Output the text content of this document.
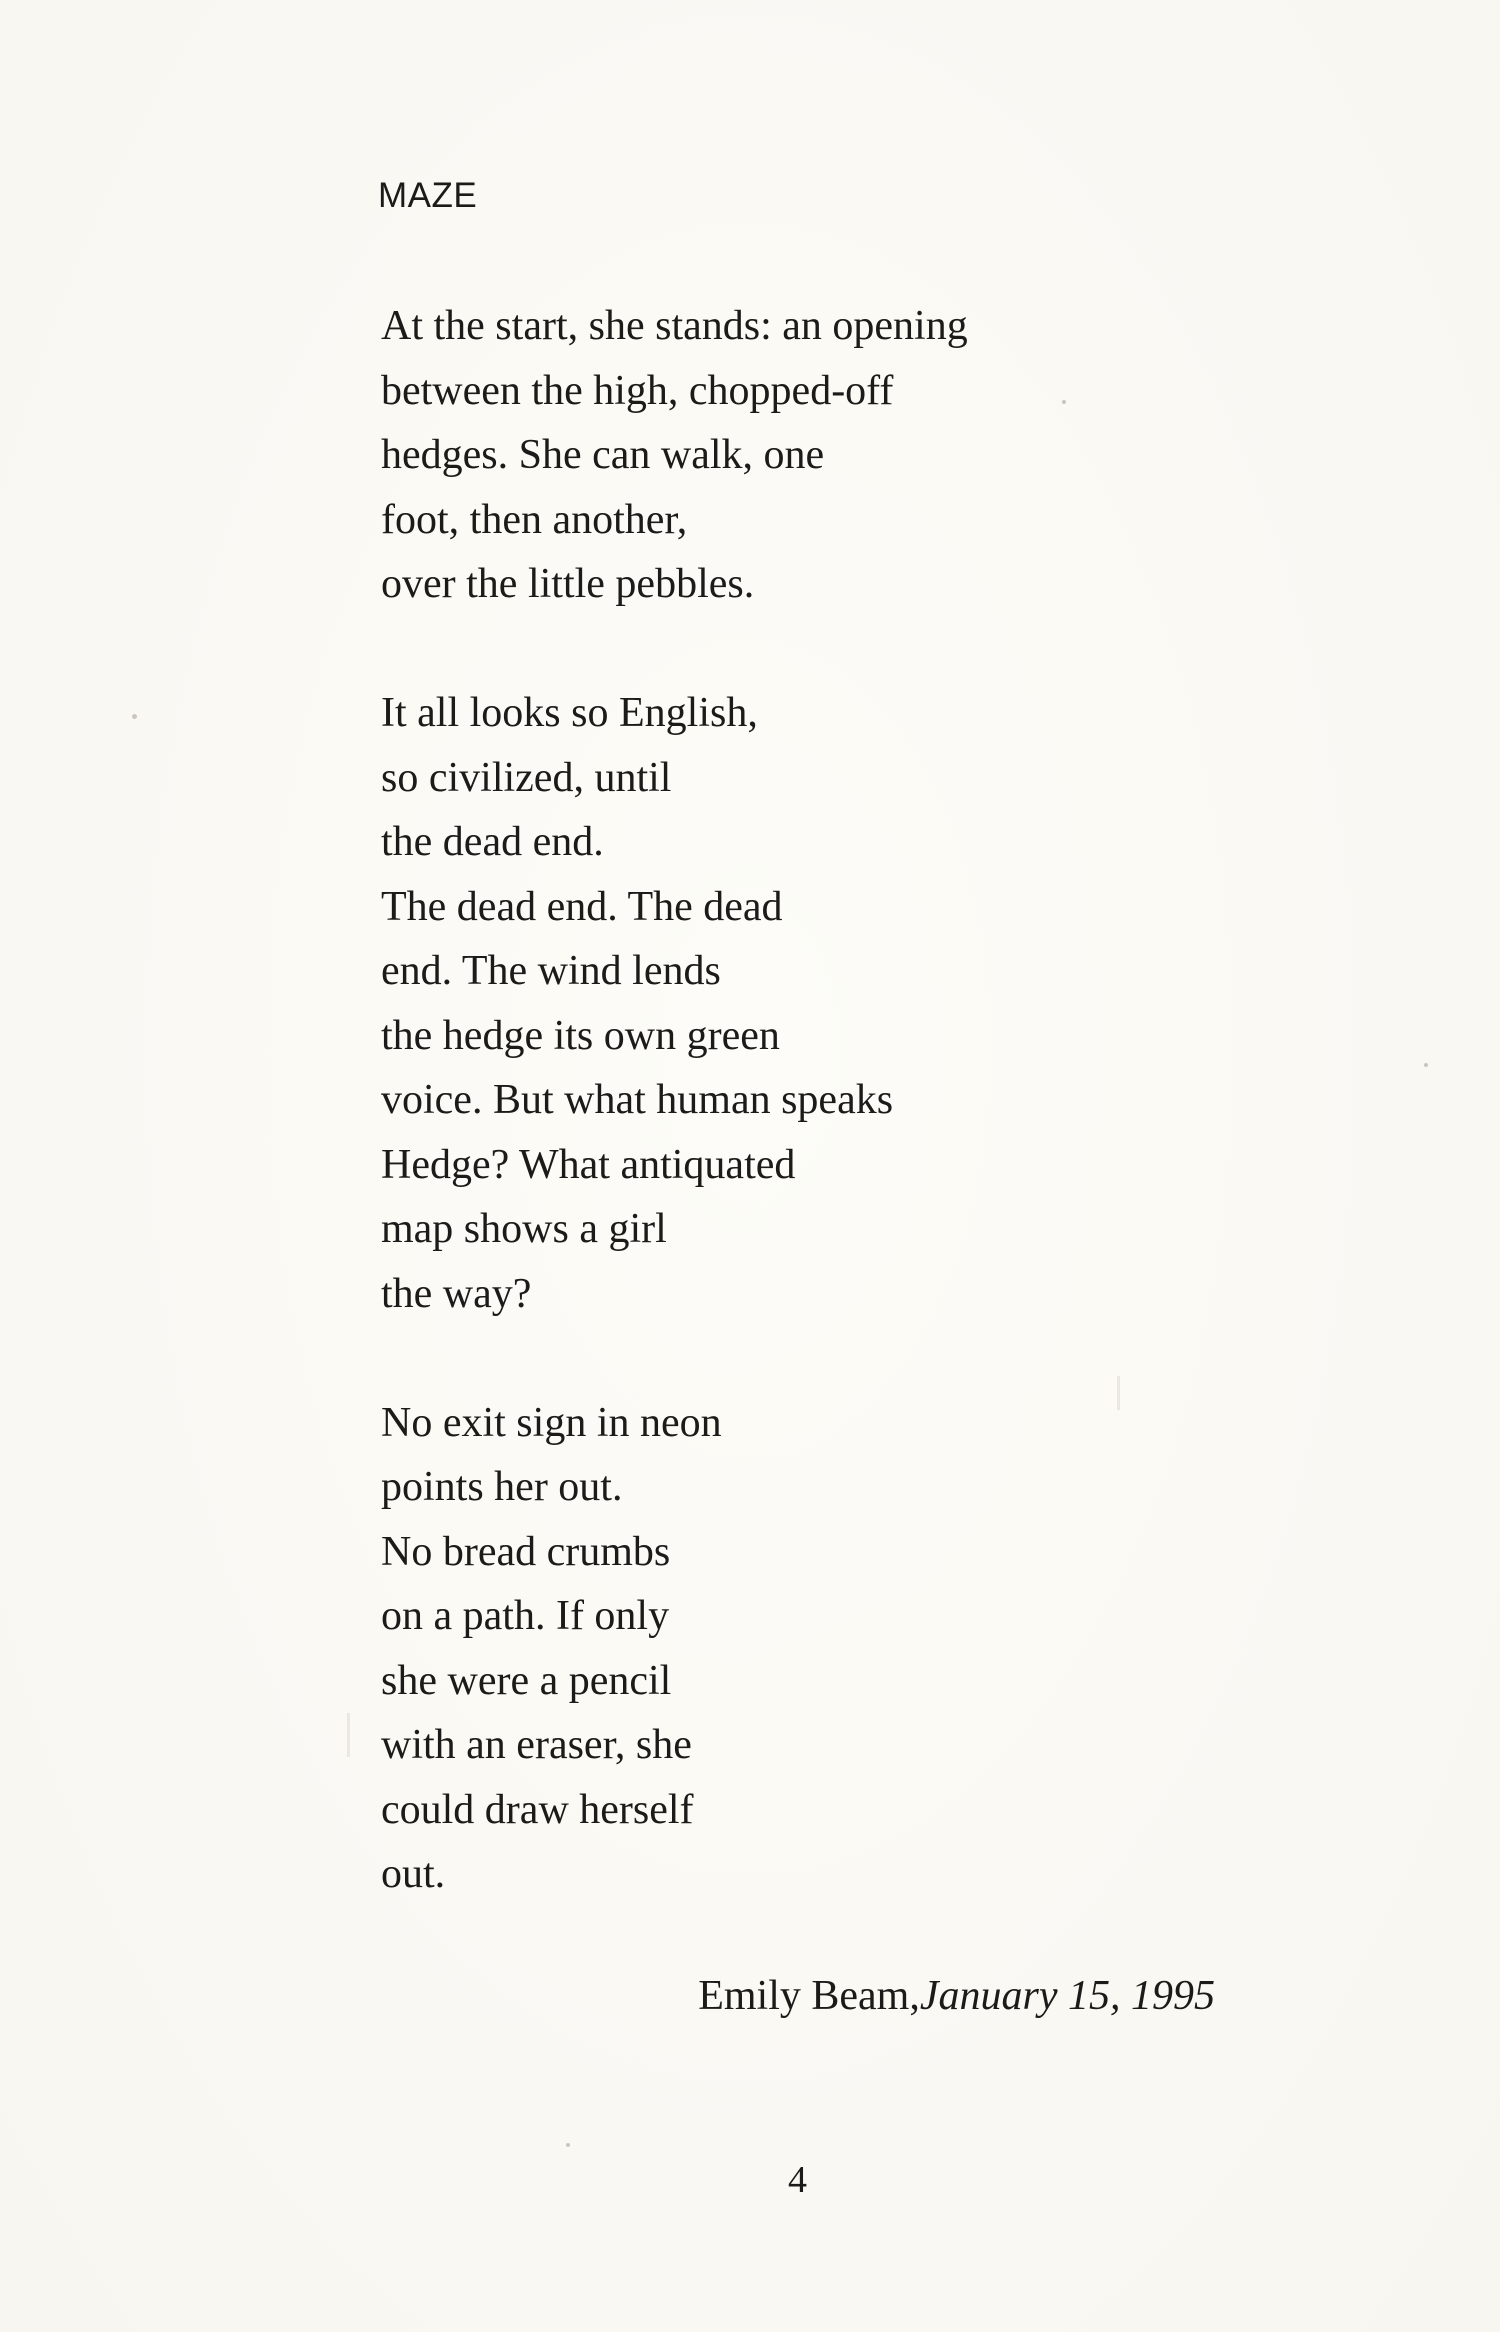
MAZE
At the start, she stands: an opening
between the high, chopped-off
hedges. She can walk, one
foot, then another,
over the little pebbles.
It all looks so English,
so civilized, until
the dead end.
The dead end. The dead
end. The wind lends
the hedge its own green
voice. But what human speaks
Hedge? What antiquated
map shows a girl
the way?
No exit sign in neon
points her out.
No bread crumbs
on a path. If only
she were a pencil
with an eraser, she
could draw herself
out.
Emily Beam,January 15, 1995
4
